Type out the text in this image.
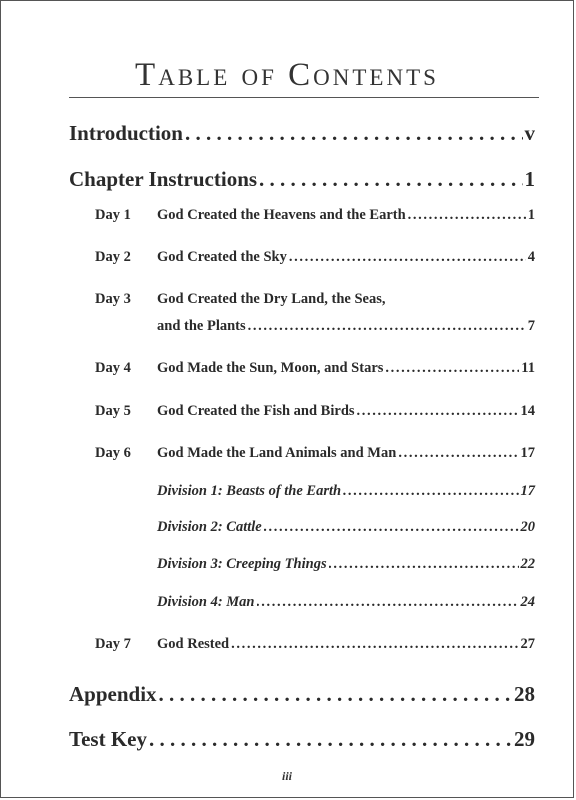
Table of Contents
Introduction . . .	v
Chapter Instructions . . .	1
Day 1 God Created the Heavens and the Earth . . .	1
Day 2 God Created the Sky . . .	4
Day 3 God Created the Dry Land, the Seas,
and the Plants . . .	7
Day 4 God Made the Sun, Moon, and Stars . . .	11
Day 5 God Created the Fish and Birds . . .	14
Day 6 God Made the Land Animals and Man . . .	17
Division 1: Beasts of the Earth . . .	17
Division 2: Cattle . . .	20
Division 3: Creeping Things . . .	22
Division 4: Man . . .	24
Day 7 God Rested . . .	27
Appendix . . .	28
Test Key . . .	29
iii
